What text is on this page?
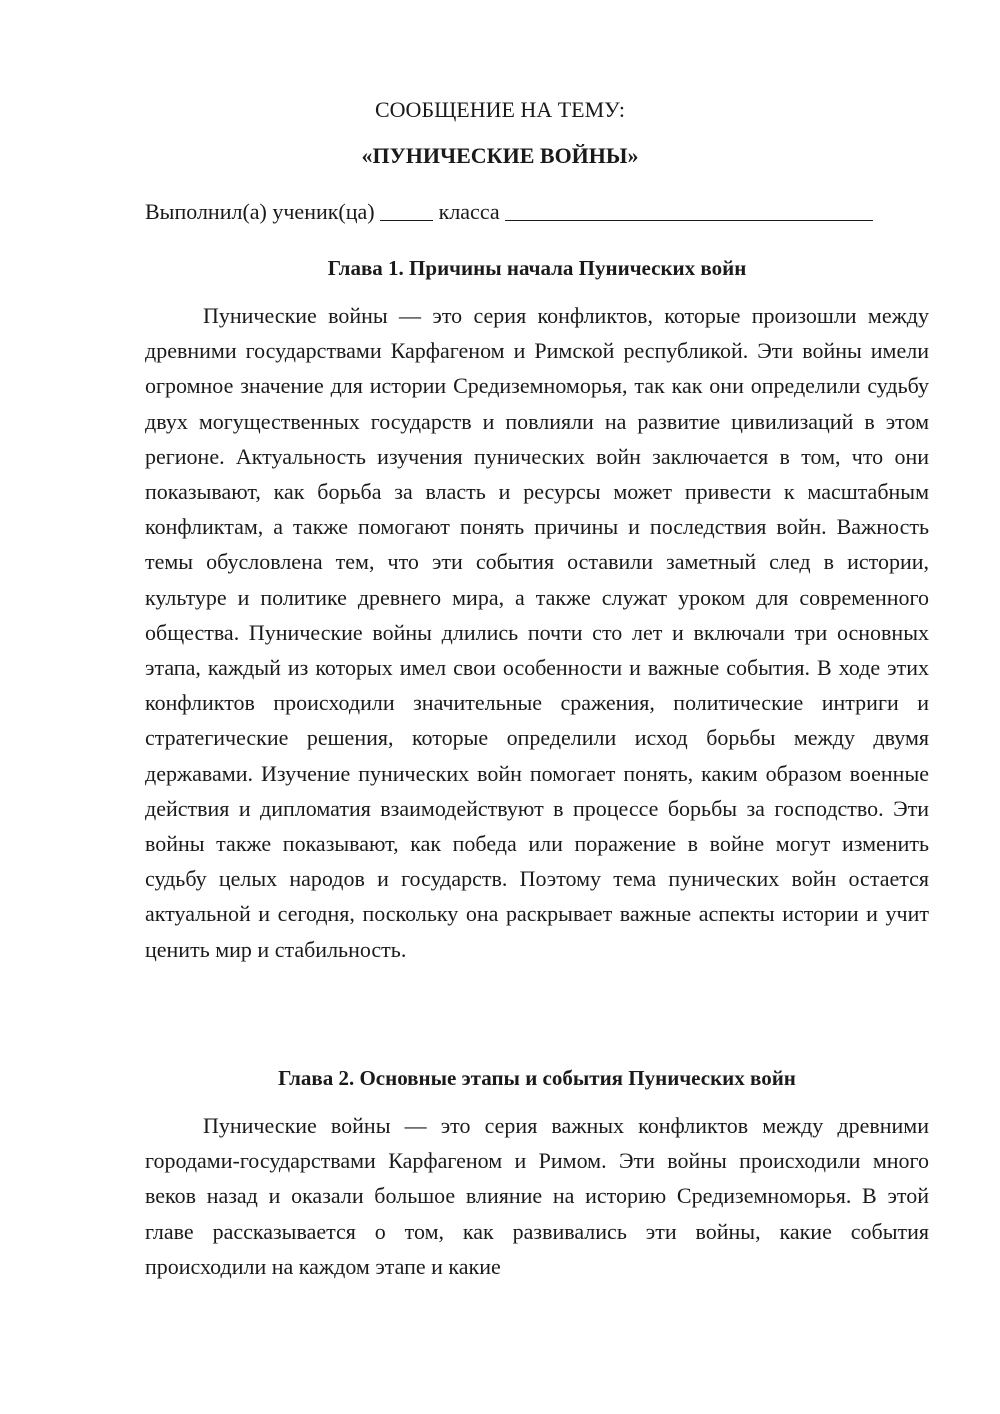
СООБЩЕНИЕ НА ТЕМУ:
«ПУНИЧЕСКИЕ ВОЙНЫ»
Выполнил(а) ученик(ца)	класса
Глава 1. Причины начала Пунических войн

Пунические войны — это серия конфликтов, которые произошли между древними государствами Карфагеном и Римской республикой. Эти войны имели огромное значение для истории Средиземноморья, так как они определили судьбу двух могущественных государств и повлияли на развитие цивилизаций в этом регионе. Актуальность изучения пунических войн заключается в том, что они показывают, как борьба за власть и ресурсы может привести к масштабным конфликтам, а также помогают понять причины и последствия войн. Важность темы обусловлена тем, что эти события оставили заметный след в истории, культуре и политике древнего мира, а также служат уроком для современного общества. Пунические войны длились почти сто лет и включали три основных этапа, каждый из которых имел свои особенности и важные события. В ходе этих конфликтов происходили значительные сражения, политические интриги и стратегические решения, которые определили исход борьбы между двумя державами. Изучение пунических войн помогает понять, каким образом военные действия и дипломатия взаимодействуют в процессе борьбы за господство. Эти войны также показывают, как победа или поражение в войне могут изменить судьбу целых народов и государств. Поэтому тема пунических войн остается актуальной и сегодня, поскольку она раскрывает важные аспекты истории и учит ценить мир и стабильность.

Глава 2. Основные этапы и события Пунических войн

Пунические войны — это серия важных конфликтов между древними городами-государствами Карфагеном и Римом. Эти войны происходили много веков назад и оказали большое влияние на историю Средиземноморья. В этой главе рассказывается о том, как развивались эти войны, какие события происходили на каждом этапе и какие
